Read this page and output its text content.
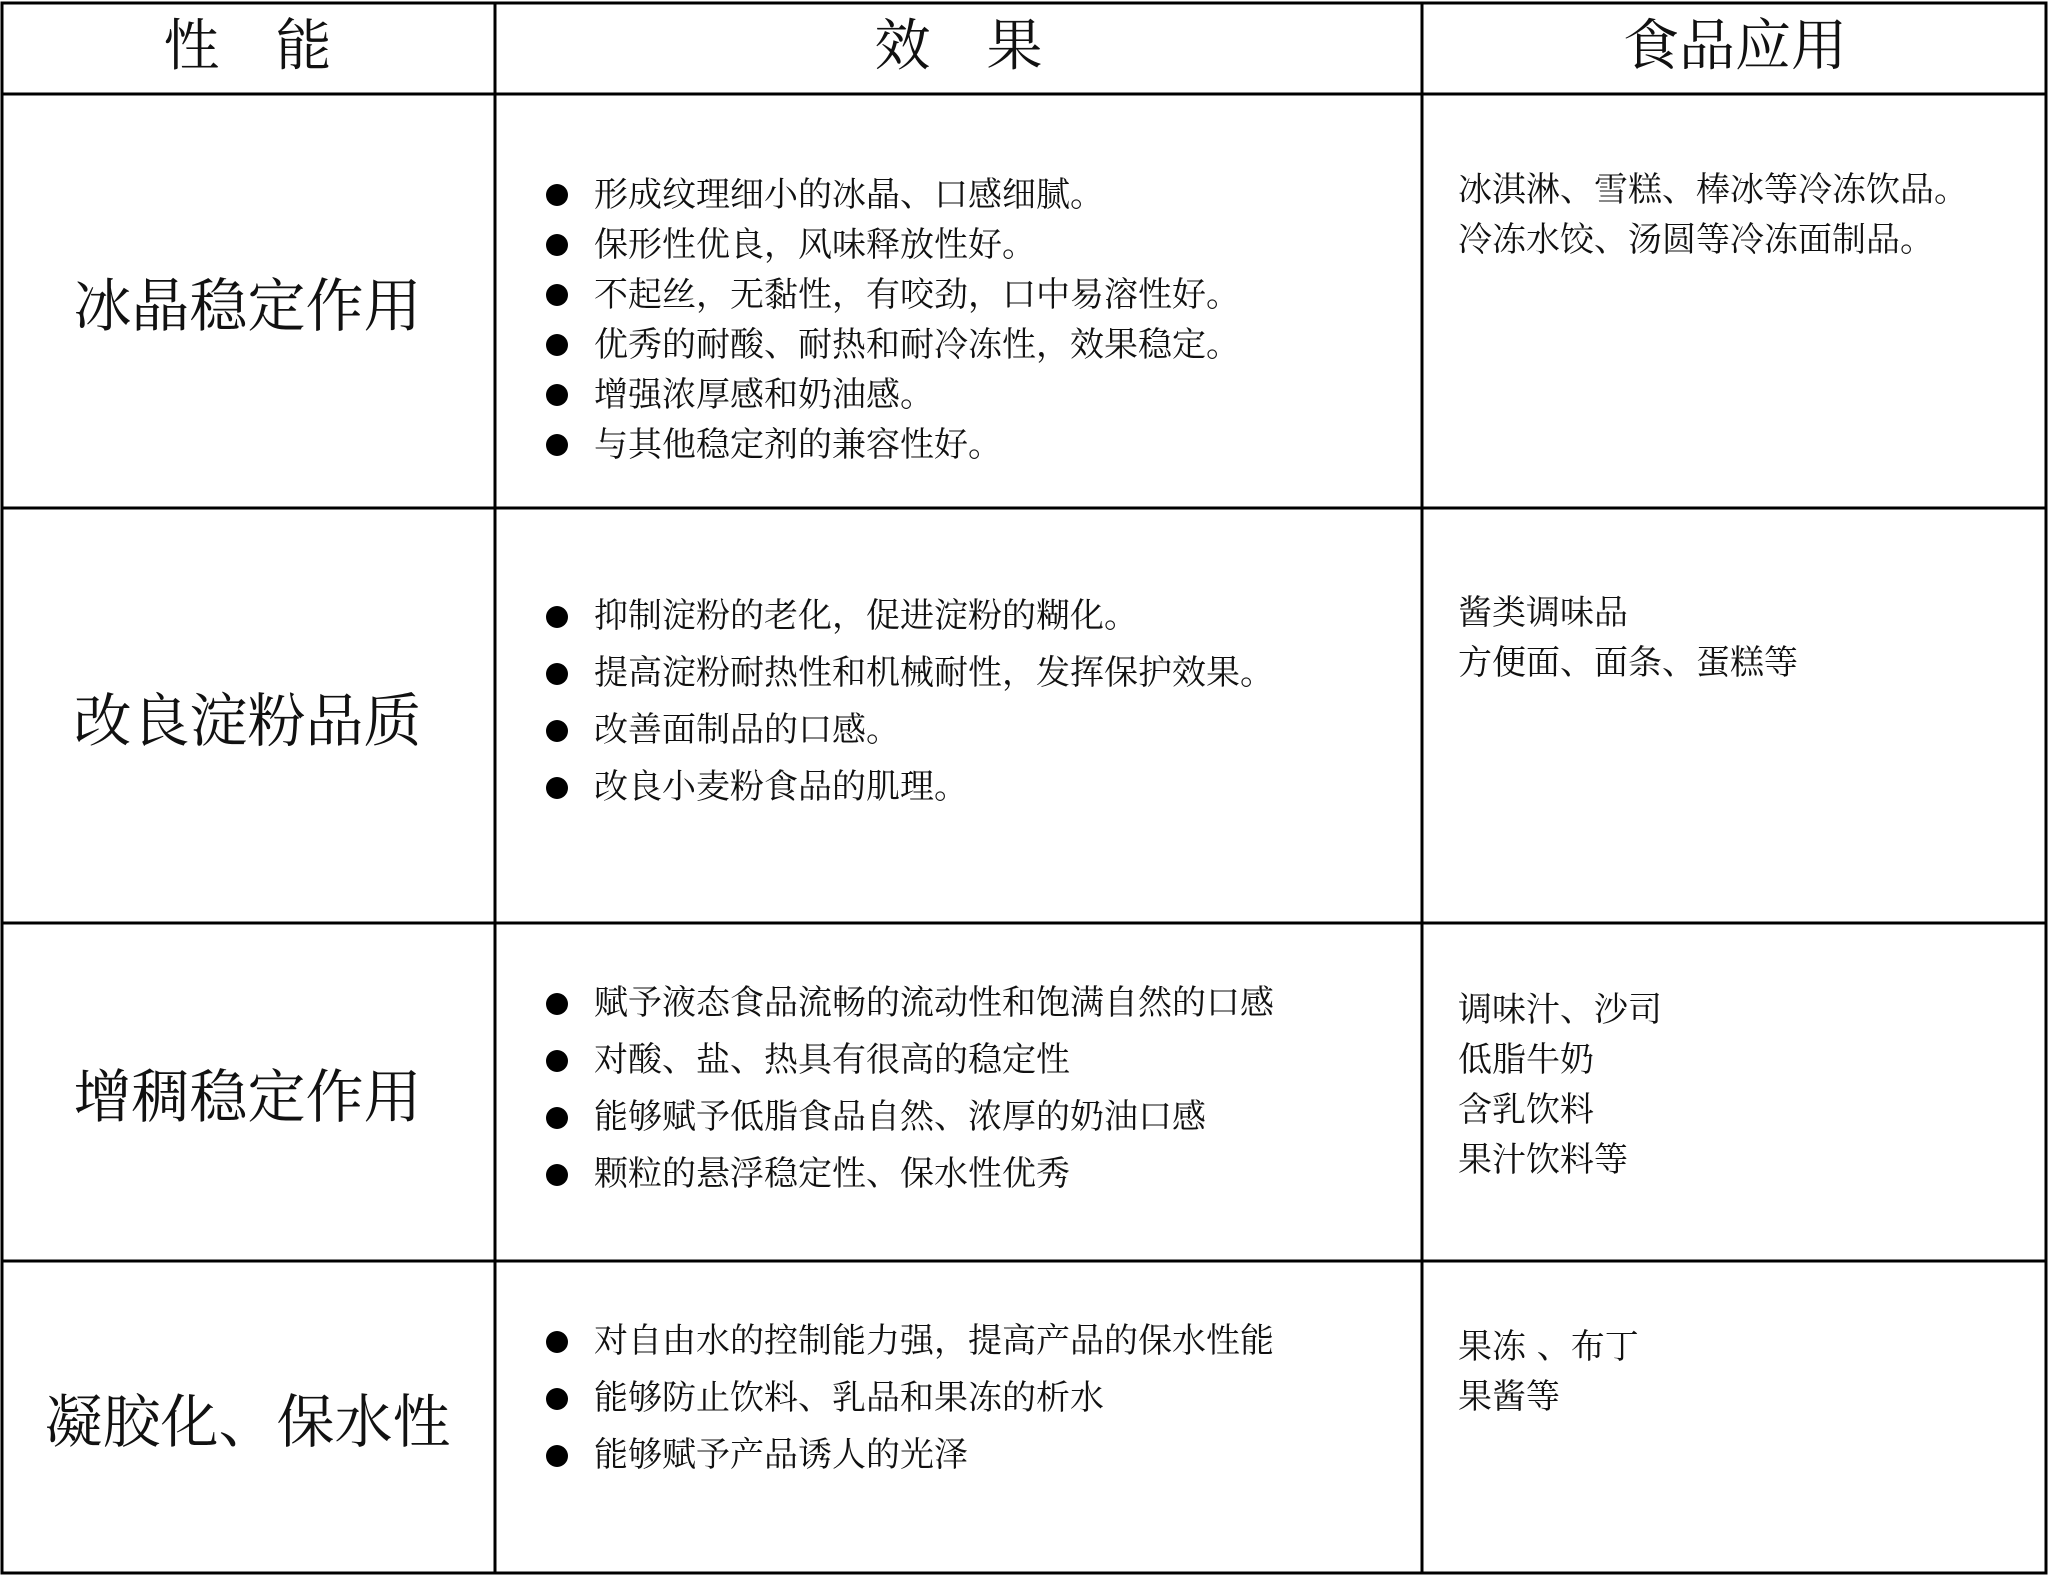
性　能	效　果	食品应用
冰晶稳定作用
形成纹理细小的冰晶、口感细腻。
保形性优良，风味释放性好。
不起丝，无黏性，有咬劲，口中易溶性好。
优秀的耐酸、耐热和耐冷冻性，效果稳定。
增强浓厚感和奶油感。
与其他稳定剂的兼容性好。
冰淇淋、雪糕、棒冰等冷冻饮品。
冷冻水饺、汤圆等冷冻面制品。
改良淀粉品质
抑制淀粉的老化，促进淀粉的糊化。
提高淀粉耐热性和机械耐性，发挥保护效果。
改善面制品的口感。
改良小麦粉食品的肌理。
酱类调味品
方便面、面条、蛋糕等
增稠稳定作用
赋予液态食品流畅的流动性和饱满自然的口感
对酸、盐、热具有很高的稳定性
能够赋予低脂食品自然、浓厚的奶油口感
颗粒的悬浮稳定性、保水性优秀
调味汁、沙司
低脂牛奶
含乳饮料
果汁饮料等
凝胶化、保水性
对自由水的控制能力强，提高产品的保水性能
能够防止饮料、乳品和果冻的析水
能够赋予产品诱人的光泽
果冻 、布丁
果酱等
